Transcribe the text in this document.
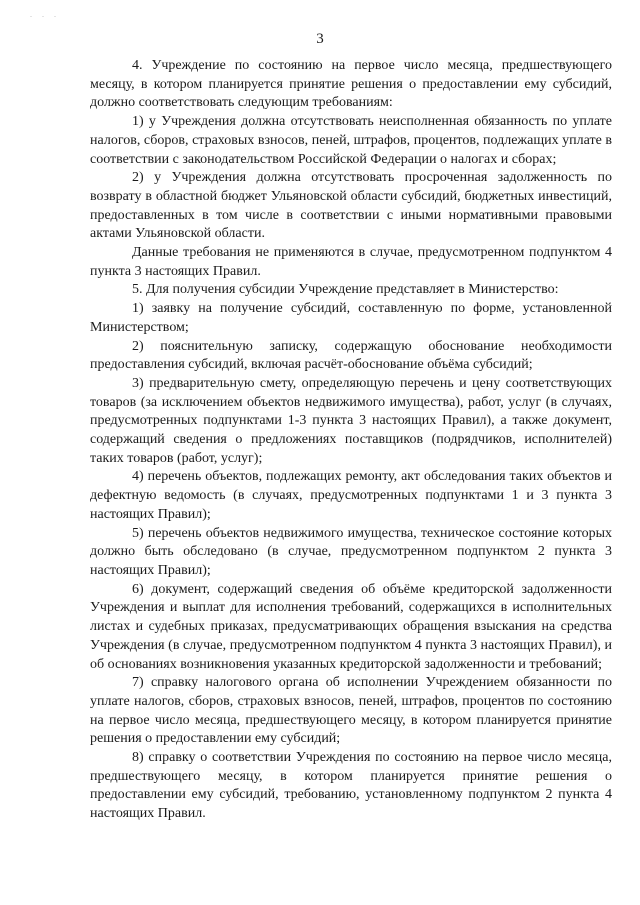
. . .
3

4. Учреждение по состоянию на первое число месяца, предшествующего месяцу, в котором планируется принятие решения о предоставлении ему субсидий, должно соответствовать следующим требованиям:

1) у Учреждения должна отсутствовать неисполненная обязанность по уплате налогов, сборов, страховых взносов, пеней, штрафов, процентов, подлежащих уплате в соответствии с законодательством Российской Федерации о налогах и сборах;

2) у Учреждения должна отсутствовать просроченная задолженность по возврату в областной бюджет Ульяновской области субсидий, бюджетных инвестиций, предоставленных в том числе в соответствии с иными нормативными правовыми актами Ульяновской области.

Данные требования не применяются в случае, предусмотренном подпунктом 4 пункта 3 настоящих Правил.

5. Для получения субсидии Учреждение представляет в Министерство:

1) заявку на получение субсидий, составленную по форме, установленной Министерством;

2) пояснительную записку, содержащую обоснование необходимости предоставления субсидий, включая расчёт-обоснование объёма субсидий;

3) предварительную смету, определяющую перечень и цену соответствующих товаров (за исключением объектов недвижимого имущества), работ, услуг (в случаях, предусмотренных подпунктами 1-3 пункта 3 настоящих Правил), а также документ, содержащий сведения о предложениях поставщиков (подрядчиков, исполнителей) таких товаров (работ, услуг);

4) перечень объектов, подлежащих ремонту, акт обследования таких объектов и дефектную ведомость (в случаях, предусмотренных подпунктами 1 и 3 пункта 3 настоящих Правил);

5) перечень объектов недвижимого имущества, техническое состояние которых должно быть обследовано (в случае, предусмотренном подпунктом 2 пункта 3 настоящих Правил);

6) документ, содержащий сведения об объёме кредиторской задолженности Учреждения и выплат для исполнения требований, содержащихся в исполнительных листах и судебных приказах, предусматривающих обращения взыскания на средства Учреждения (в случае, предусмотренном подпунктом 4 пункта 3 настоящих Правил), и об основаниях возникновения указанных кредиторской задолженности и требований;

7) справку налогового органа об исполнении Учреждением обязанности по уплате налогов, сборов, страховых взносов, пеней, штрафов, процентов по состоянию на первое число месяца, предшествующего месяцу, в котором планируется принятие решения о предоставлении ему субсидий;

8) справку о соответствии Учреждения по состоянию на первое число месяца, предшествующего месяцу, в котором планируется принятие решения о предоставлении ему субсидий, требованию, установленному подпунктом 2 пункта 4 настоящих Правил.
